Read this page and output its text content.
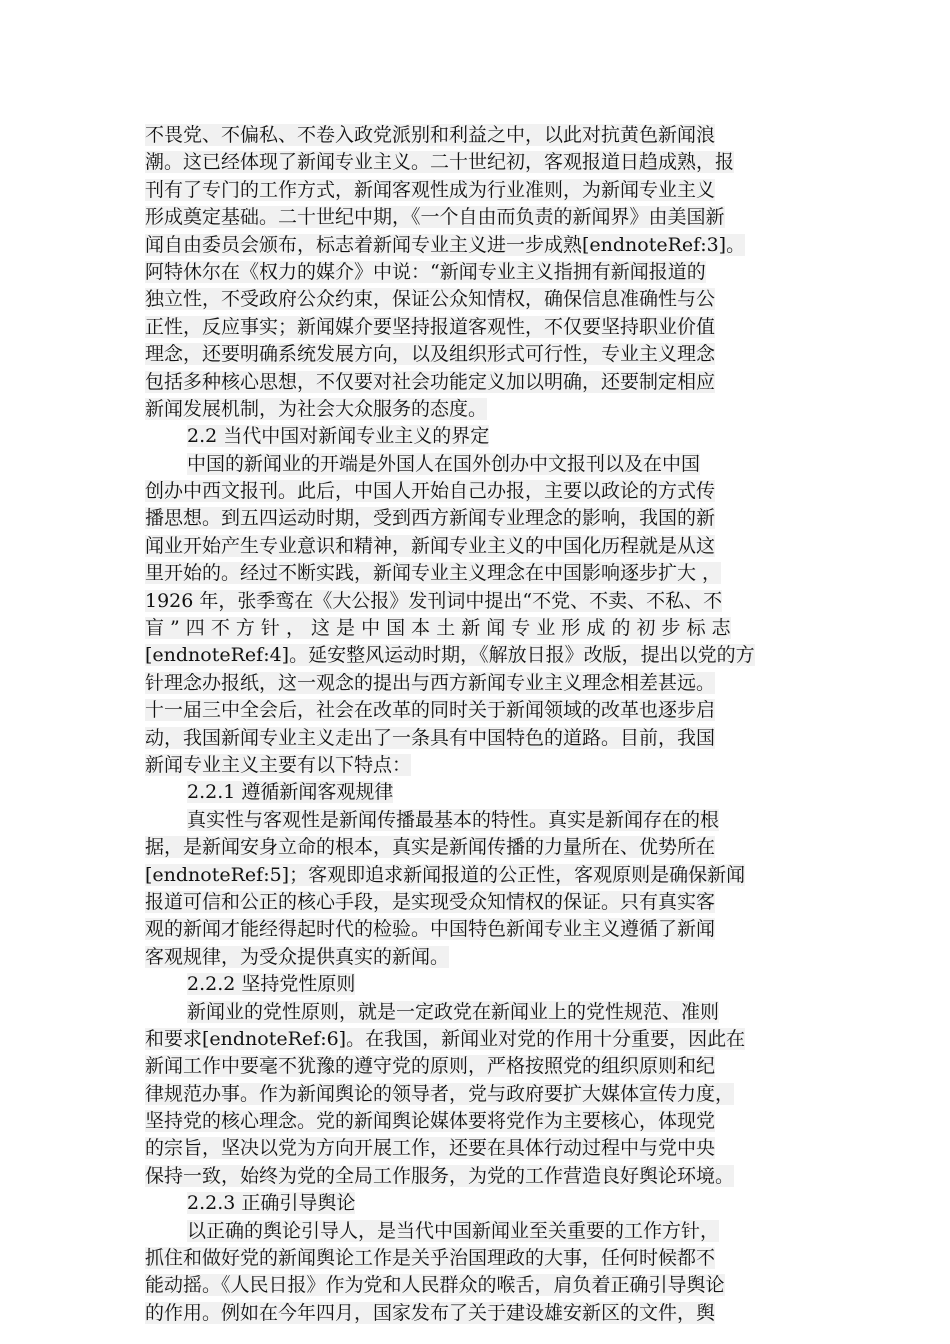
不畏党、不偏私、不卷入政党派别和利益之中，以此对抗黄色新闻浪
潮。这已经体现了新闻专业主义。二十世纪初，客观报道日趋成熟，报
刊有了专门的工作方式，新闻客观性成为行业准则，为新闻专业主义
形成奠定基础。二十世纪中期，《一个自由而负责的新闻界》由美国新
闻自由委员会颁布，标志着新闻专业主义进一步成熟[endnoteRef:3]。
阿特休尔在《权力的媒介》中说：“新闻专业主义指拥有新闻报道的
独立性，不受政府公众约束，保证公众知情权，确保信息准确性与公
正性，反应事实；新闻媒介要坚持报道客观性，不仅要坚持职业价值
理念，还要明确系统发展方向，以及组织形式可行性，专业主义理念
包括多种核心思想，不仅要对社会功能定义加以明确，还要制定相应
新闻发展机制，为社会大众服务的态度。
2.2 当代中国对新闻专业主义的界定
中国的新闻业的开端是外国人在国外创办中文报刊以及在中国
创办中西文报刊。此后，中国人开始自己办报，主要以政论的方式传
播思想。到五四运动时期，受到西方新闻专业理念的影响，我国的新
闻业开始产生专业意识和精神，新闻专业主义的中国化历程就是从这
里开始的。经过不断实践，新闻专业主义理念在中国影响逐步扩大 ，
1926 年，张季鸾在《大公报》发刊词中提出“不党、不卖、不私、不
盲 ” 四 不 方 针 ， 这 是 中 国 本 土 新 闻 专 业 形 成 的 初 步 标 志
[endnoteRef:4]。延安整风运动时期，《解放日报》改版，提出以党的方
针理念办报纸，这一观念的提出与西方新闻专业主义理念相差甚远。
十一届三中全会后，社会在改革的同时关于新闻领域的改革也逐步启
动，我国新闻专业主义走出了一条具有中国特色的道路。目前，我国
新闻专业主义主要有以下特点：
2.2.1 遵循新闻客观规律
真实性与客观性是新闻传播最基本的特性。真实是新闻存在的根
据，是新闻安身立命的根本，真实是新闻传播的力量所在、优势所在
[endnoteRef:5]；客观即追求新闻报道的公正性，客观原则是确保新闻
报道可信和公正的核心手段，是实现受众知情权的保证。只有真实客
观的新闻才能经得起时代的检验。中国特色新闻专业主义遵循了新闻
客观规律，为受众提供真实的新闻。
2.2.2 坚持党性原则
新闻业的党性原则，就是一定政党在新闻业上的党性规范、准则
和要求[endnoteRef:6]。在我国，新闻业对党的作用十分重要，因此在
新闻工作中要毫不犹豫的遵守党的原则，严格按照党的组织原则和纪
律规范办事。作为新闻舆论的领导者，党与政府要扩大媒体宣传力度，
坚持党的核心理念。党的新闻舆论媒体要将党作为主要核心，体现党
的宗旨，坚决以党为方向开展工作，还要在具体行动过程中与党中央
保持一致，始终为党的全局工作服务，为党的工作营造良好舆论环境。
2.2.3 正确引导舆论
以正确的舆论引导人，是当代中国新闻业至关重要的工作方针，
抓住和做好党的新闻舆论工作是关乎治国理政的大事，任何时候都不
能动摇。《人民日报》作为党和人民群众的喉舌，肩负着正确引导舆论
的作用。例如在今年四月，国家发布了关于建设雄安新区的文件，舆
